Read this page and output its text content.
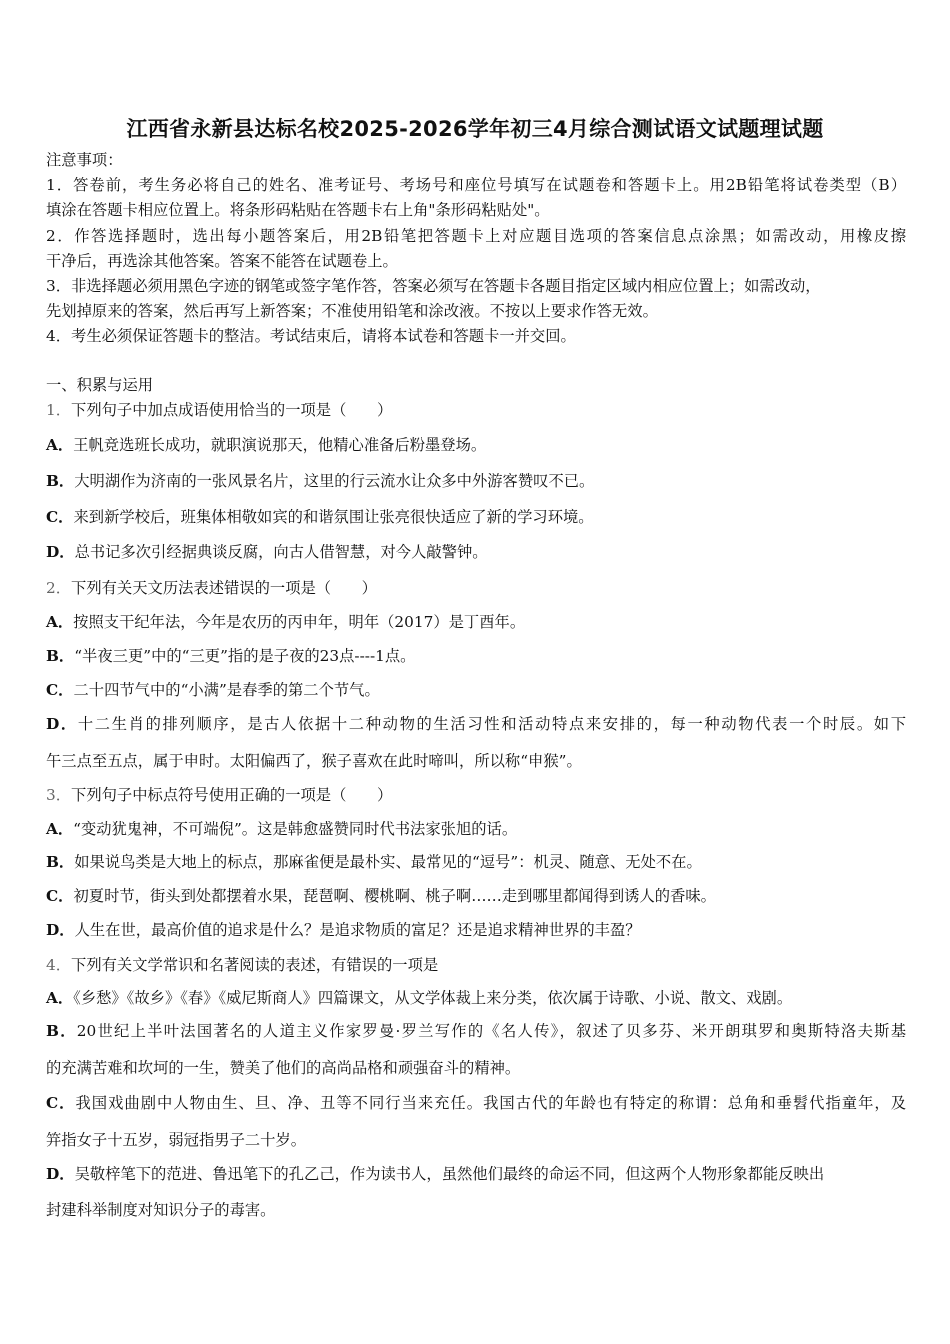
江西省永新县达标名校2025-2026学年初三4月综合测试语文试题理试题
注意事项：
1．答卷前，考生务必将自己的姓名、准考证号、考场号和座位号填写在试题卷和答题卡上。用2B铅笔将试卷类型（B）
填涂在答题卡相应位置上。将条形码粘贴在答题卡右上角"条形码粘贴处"。
2．作答选择题时，选出每小题答案后，用2B铅笔把答题卡上对应题目选项的答案信息点涂黑；如需改动，用橡皮擦
干净后，再选涂其他答案。答案不能答在试题卷上。
3．非选择题必须用黑色字迹的钢笔或签字笔作答，答案必须写在答题卡各题目指定区域内相应位置上；如需改动，
先划掉原来的答案，然后再写上新答案；不准使用铅笔和涂改液。不按以上要求作答无效。
4．考生必须保证答题卡的整洁。考试结束后，请将本试卷和答题卡一并交回。
一、积累与运用
1．下列句子中加点成语使用恰当的一项是（　　）
A．王帆竞选班长成功，就职演说那天，他精心准备后粉墨登场。
B．大明湖作为济南的一张风景名片，这里的行云流水让众多中外游客赞叹不已。
C．来到新学校后，班集体相敬如宾的和谐氛围让张亮很快适应了新的学习环境。
D．总书记多次引经据典谈反腐，向古人借智慧，对今人敲警钟。
2．下列有关天文历法表述错误的一项是（　　）
A．按照支干纪年法，今年是农历的丙申年，明年（2017）是丁酉年。
B．“半夜三更”中的“三更”指的是子夜的23点----1点。
C．二十四节气中的“小满”是春季的第二个节气。
D．十二生肖的排列顺序，是古人依据十二种动物的生活习性和活动特点来安排的，每一种动物代表一个时辰。如下
午三点至五点，属于申时。太阳偏西了，猴子喜欢在此时啼叫，所以称“申猴”。
3．下列句子中标点符号使用正确的一项是（　　）
A．“变动犹鬼神，不可端倪”。这是韩愈盛赞同时代书法家张旭的话。
B．如果说鸟类是大地上的标点，那麻雀便是最朴实、最常见的“逗号”：机灵、随意、无处不在。
C．初夏时节，街头到处都摆着水果，琵琶啊、樱桃啊、桃子啊……走到哪里都闻得到诱人的香味。
D．人生在世，最高价值的追求是什么？是追求物质的富足？还是追求精神世界的丰盈？
4．下列有关文学常识和名著阅读的表述，有错误的一项是
A．《乡愁》《故乡》《春》《威尼斯商人》四篇课文，从文学体裁上来分类，依次属于诗歌、小说、散文、戏剧。
B．20世纪上半叶法国著名的人道主义作家罗曼·罗兰写作的《名人传》，叙述了贝多芬、米开朗琪罗和奥斯特洛夫斯基
的充满苦难和坎坷的一生，赞美了他们的高尚品格和顽强奋斗的精神。
C．我国戏曲剧中人物由生、旦、净、丑等不同行当来充任。我国古代的年龄也有特定的称谓：总角和垂髫代指童年，及
笄指女子十五岁，弱冠指男子二十岁。
D．吴敬梓笔下的范进、鲁迅笔下的孔乙己，作为读书人，虽然他们最终的命运不同，但这两个人物形象都能反映出
封建科举制度对知识分子的毒害。
